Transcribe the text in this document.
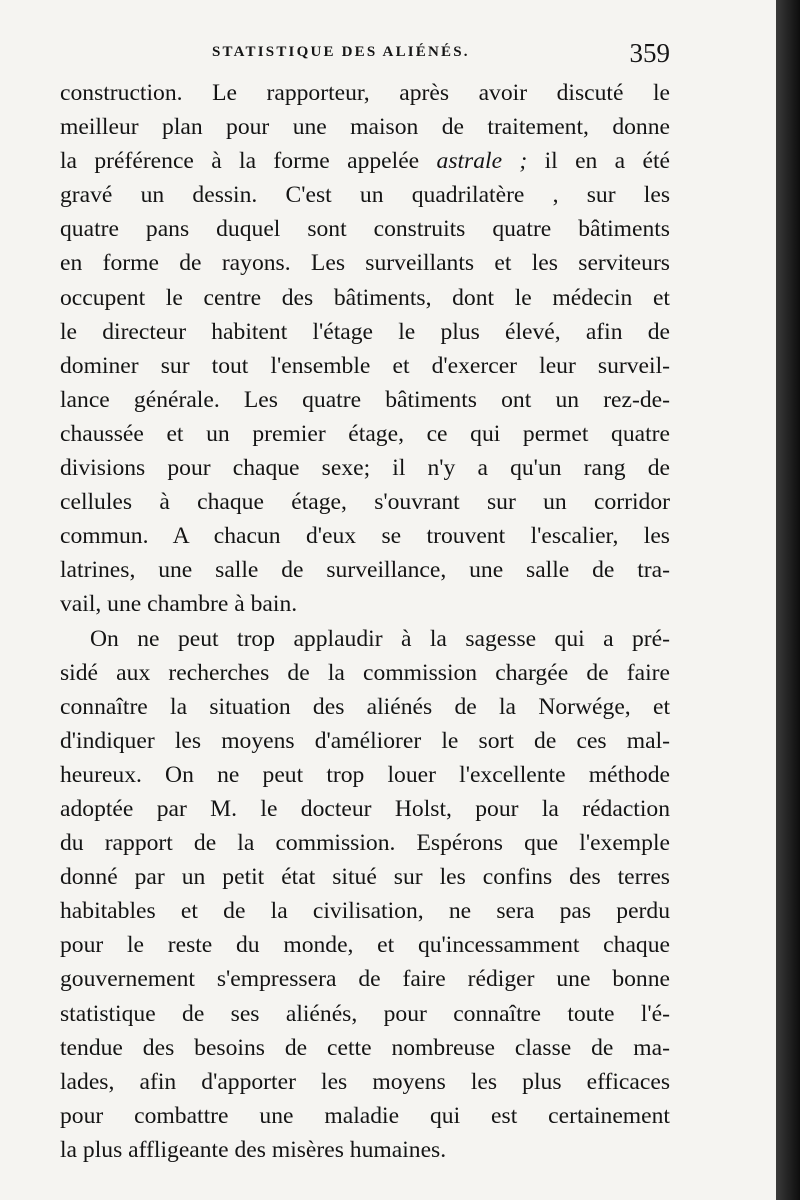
STATISTIQUE DES ALIÉNÉS.	359
construction. Le rapporteur, après avoir discuté le
meilleur plan pour une maison de traitement, donne
la préférence à la forme appelée astrale ; il en a été
gravé un dessin. C'est un quadrilatère , sur les
quatre pans duquel sont construits quatre bâtiments
en forme de rayons. Les surveillants et les serviteurs
occupent le centre des bâtiments, dont le médecin et
le directeur habitent l'étage le plus élevé, afin de
dominer sur tout l'ensemble et d'exercer leur surveil-
lance générale. Les quatre bâtiments ont un rez-de-
chaussée et un premier étage, ce qui permet quatre
divisions pour chaque sexe; il n'y a qu'un rang de
cellules à chaque étage, s'ouvrant sur un corridor
commun. A chacun d'eux se trouvent l'escalier, les
latrines, une salle de surveillance, une salle de tra-
vail, une chambre à bain.
On ne peut trop applaudir à la sagesse qui a pré-
sidé aux recherches de la commission chargée de faire
connaître la situation des aliénés de la Norwége, et
d'indiquer les moyens d'améliorer le sort de ces mal-
heureux. On ne peut trop louer l'excellente méthode
adoptée par M. le docteur Holst, pour la rédaction
du rapport de la commission. Espérons que l'exemple
donné par un petit état situé sur les confins des terres
habitables et de la civilisation, ne sera pas perdu
pour le reste du monde, et qu'incessamment chaque
gouvernement s'empressera de faire rédiger une bonne
statistique de ses aliénés, pour connaître toute l'é-
tendue des besoins de cette nombreuse classe de ma-
lades, afin d'apporter les moyens les plus efficaces
pour combattre une maladie qui est certainement
la plus affligeante des misères humaines.
